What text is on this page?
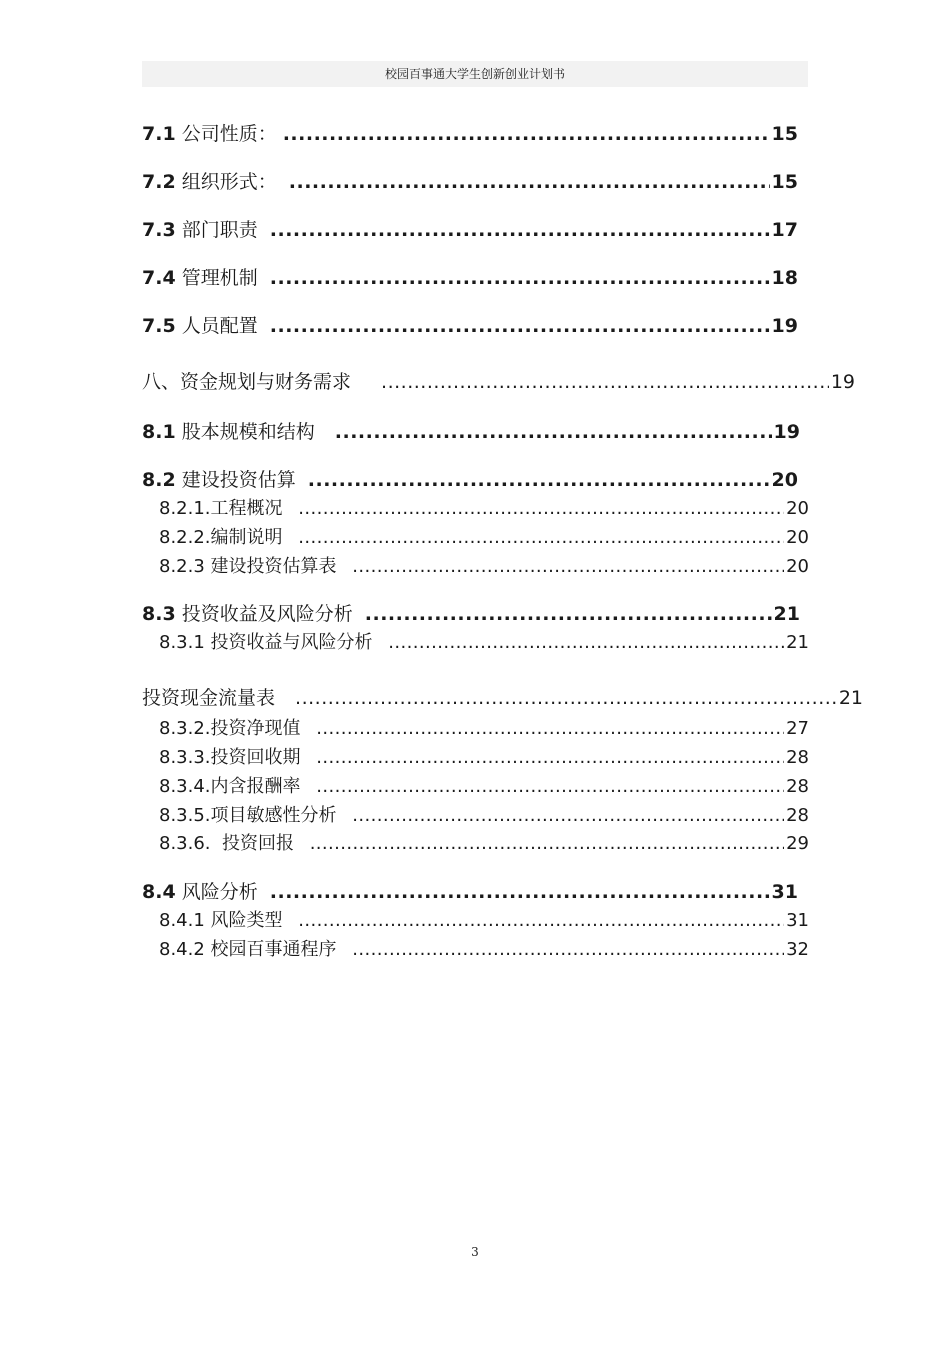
校园百事通大学生创新创业计划书
7.1 公司性质： .....	15
7.2 组织形式： .....	15
7.3 部门职责 .....	17
7.4 管理机制 .....	18
7.5 人员配置 .....	19
八、资金规划与财务需求 .....	19
8.1 股本规模和结构 .....	19
8.2 建设投资估算 .....	20
8.2.1.工程概况 .....	20
8.2.2.编制说明 .....	20
8.2.3 建设投资估算表 .....	20
8.3 投资收益及风险分析 .....	21
8.3.1 投资收益与风险分析 .....	21
投资现金流量表 .....	21
8.3.2.投资净现值 .....	27
8.3.3.投资回收期 .....	28
8.3.4.内含报酬率 .....	28
8.3.5.项目敏感性分析 .....	28
8.3.6.  投资回报 .....	29
8.4 风险分析 .....	31
8.4.1 风险类型 .....	31
8.4.2 校园百事通程序 .....	32
3
